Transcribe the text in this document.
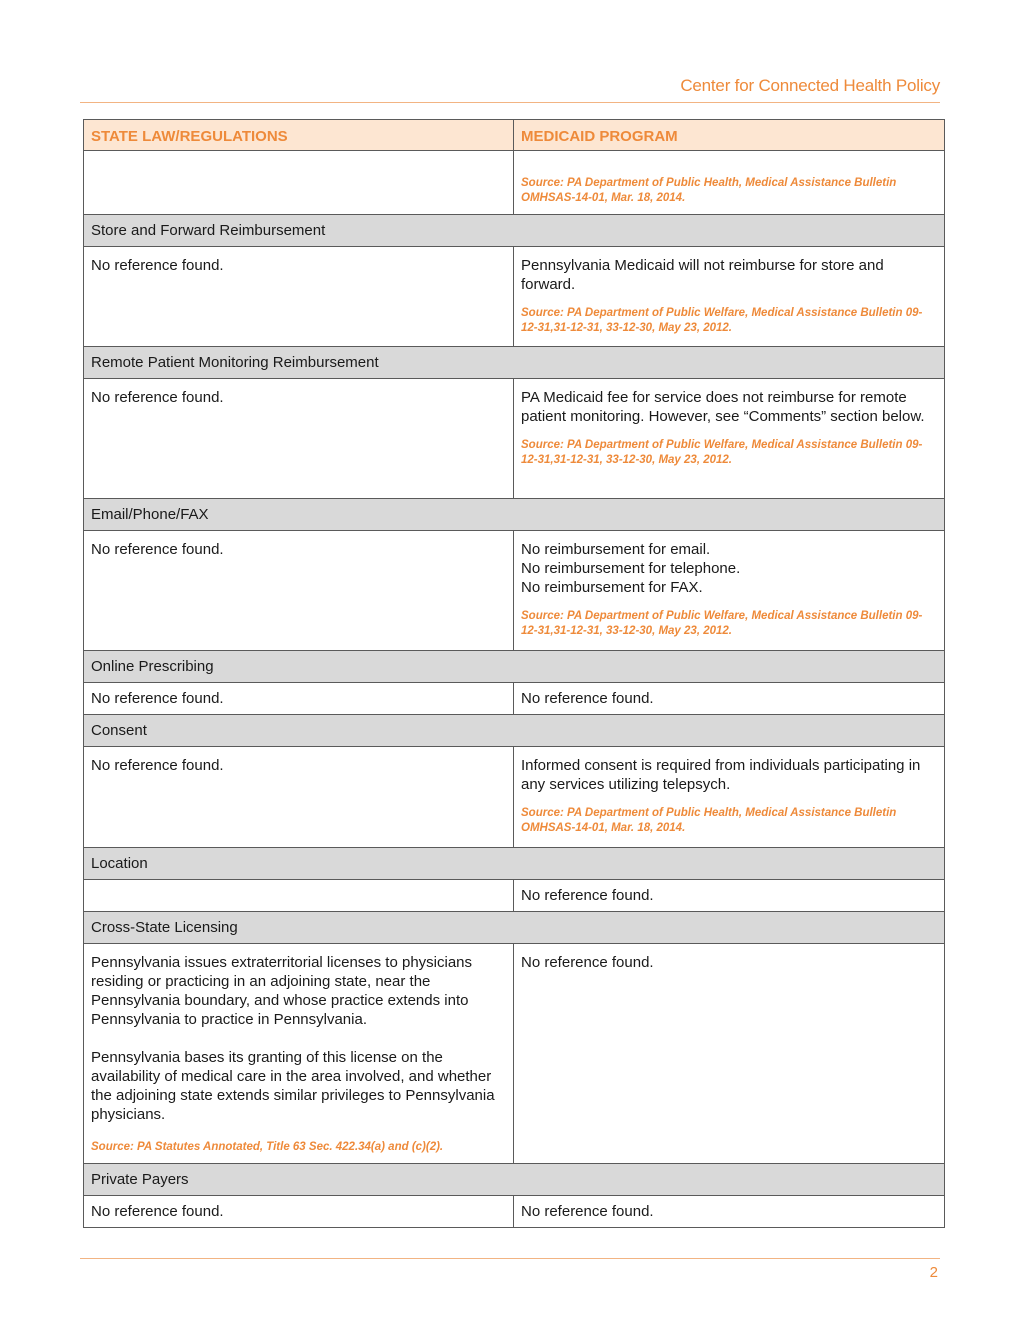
Center for Connected Health Policy
STATE LAW/REGULATIONS	MEDICAID PROGRAM

	Source: PA Department of Public Health, Medical Assistance Bulletin OMHSAS-14-01, Mar. 18, 2014.

Store and Forward Reimbursement	
No reference found.	Pennsylvania Medicaid will not reimburse for store and forward.
Source: PA Department of Public Welfare, Medical Assistance Bulletin 09-12-31,31-12-31, 33-12-30, May 23, 2012.

Remote Patient Monitoring Reimbursement	
No reference found.	PA Medicaid fee for service does not reimburse for remote patient monitoring. However, see “Comments” section below.
Source: PA Department of Public Welfare, Medical Assistance Bulletin 09-12-31,31-12-31, 33-12-30, May 23, 2012.

Email/Phone/FAX	
No reference found.	No reimbursement for email.
No reimbursement for telephone.
No reimbursement for FAX.
Source: PA Department of Public Welfare, Medical Assistance Bulletin 09-12-31,31-12-31, 33-12-30, May 23, 2012.

Online Prescribing	
No reference found.	No reference found.
Consent	
No reference found.	Informed consent is required from individuals participating in any services utilizing telepsych.
Source: PA Department of Public Health, Medical Assistance Bulletin OMHSAS-14-01, Mar. 18, 2014.

Location	
	No reference found.
Cross-State Licensing	

Pennsylvania issues extraterritorial licenses to physicians residing or practicing in an adjoining state, near the Pennsylvania boundary, and whose practice extends into Pennsylvania to practice in Pennsylvania.

Pennsylvania bases its granting of this license on the availability of medical care in the area involved, and whether the adjoining state extends similar privileges to Pennsylvania physicians.

Source: PA Statutes Annotated, Title 63 Sec. 422.34(a) and (c)(2).	No reference found.
Private Payers	
No reference found.	No reference found.
2
